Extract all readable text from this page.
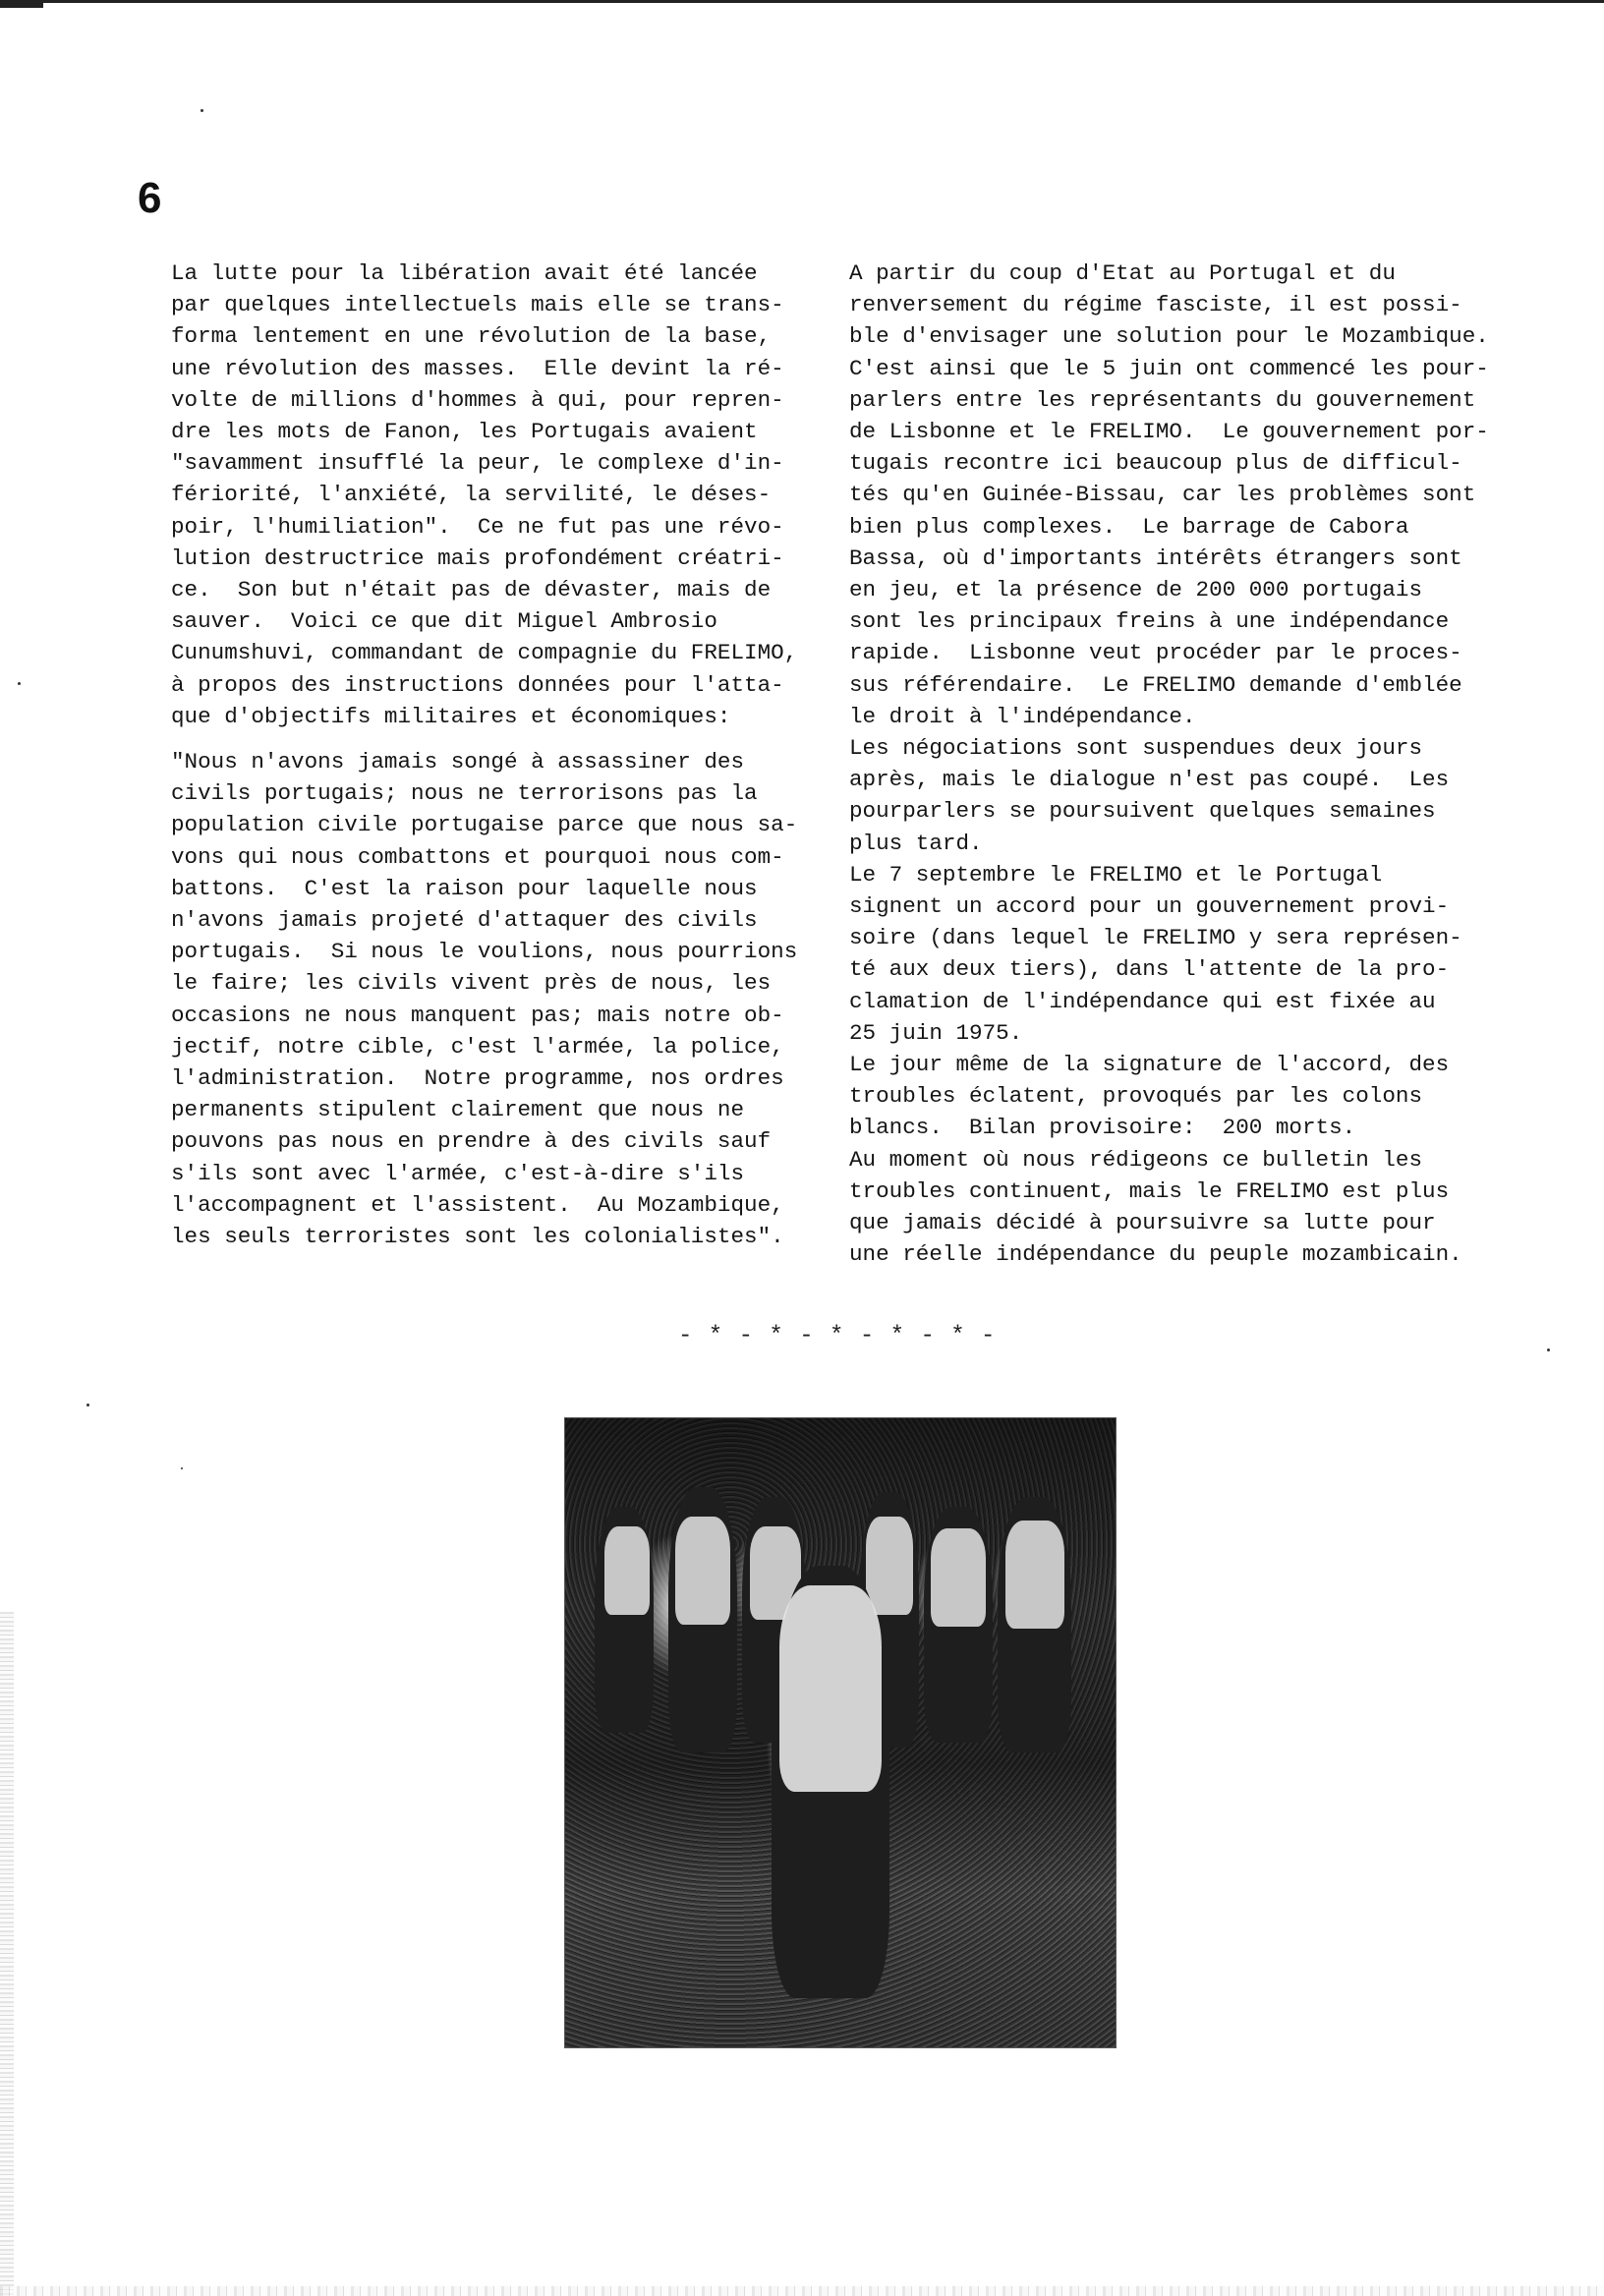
6

La lutte pour la libération avait été lancée

par quelques intellectuels mais elle se trans-

forma lentement en une révolution de la base,

une révolution des masses.  Elle devint la ré-

volte de millions d'hommes à qui, pour repren-

dre les mots de Fanon, les Portugais avaient

"savamment insufflé la peur, le complexe d'in-

fériorité, l'anxiété, la servilité, le déses-

poir, l'humiliation".  Ce ne fut pas une révo-

lution destructrice mais profondément créatri-

ce.  Son but n'était pas de dévaster, mais de

sauver.  Voici ce que dit Miguel Ambrosio

Cunumshuvi, commandant de compagnie du FRELIMO,

à propos des instructions données pour l'atta-

que d'objectifs militaires et économiques:

"Nous n'avons jamais songé à assassiner des

civils portugais; nous ne terrorisons pas la

population civile portugaise parce que nous sa-

vons qui nous combattons et pourquoi nous com-

battons.  C'est la raison pour laquelle nous

n'avons jamais projeté d'attaquer des civils

portugais.  Si nous le voulions, nous pourrions

le faire; les civils vivent près de nous, les

occasions ne nous manquent pas; mais notre ob-

jectif, notre cible, c'est l'armée, la police,

l'administration.  Notre programme, nos ordres

permanents stipulent clairement que nous ne

pouvons pas nous en prendre à des civils sauf

s'ils sont avec l'armée, c'est-à-dire s'ils

l'accompagnent et l'assistent.  Au Mozambique,

les seuls terroristes sont les colonialistes".

A partir du coup d'Etat au Portugal et du

renversement du régime fasciste, il est possi-

ble d'envisager une solution pour le Mozambique.

C'est ainsi que le 5 juin ont commencé les pour-

parlers entre les représentants du gouvernement

de Lisbonne et le FRELIMO.  Le gouvernement por-

tugais recontre ici beaucoup plus de difficul-

tés qu'en Guinée-Bissau, car les problèmes sont

bien plus complexes.  Le barrage de Cabora

Bassa, où d'importants intérêts étrangers sont

en jeu, et la présence de 200 000 portugais

sont les principaux freins à une indépendance

rapide.  Lisbonne veut procéder par le proces-

sus référendaire.  Le FRELIMO demande d'emblée

le droit à l'indépendance.

Les négociations sont suspendues deux jours

après, mais le dialogue n'est pas coupé.  Les

pourparlers se poursuivent quelques semaines

plus tard.

Le 7 septembre le FRELIMO et le Portugal

signent un accord pour un gouvernement provi-

soire (dans lequel le FRELIMO y sera représen-

té aux deux tiers), dans l'attente de la pro-

clamation de l'indépendance qui est fixée au

25 juin 1975.

Le jour même de la signature de l'accord, des

troubles éclatent, provoqués par les colons

blancs.  Bilan provisoire:  200 morts.

Au moment où nous rédigeons ce bulletin les

troubles continuent, mais le FRELIMO est plus

que jamais décidé à poursuivre sa lutte pour

une réelle indépendance du peuple mozambicain.

- * - * - * - * - * -
